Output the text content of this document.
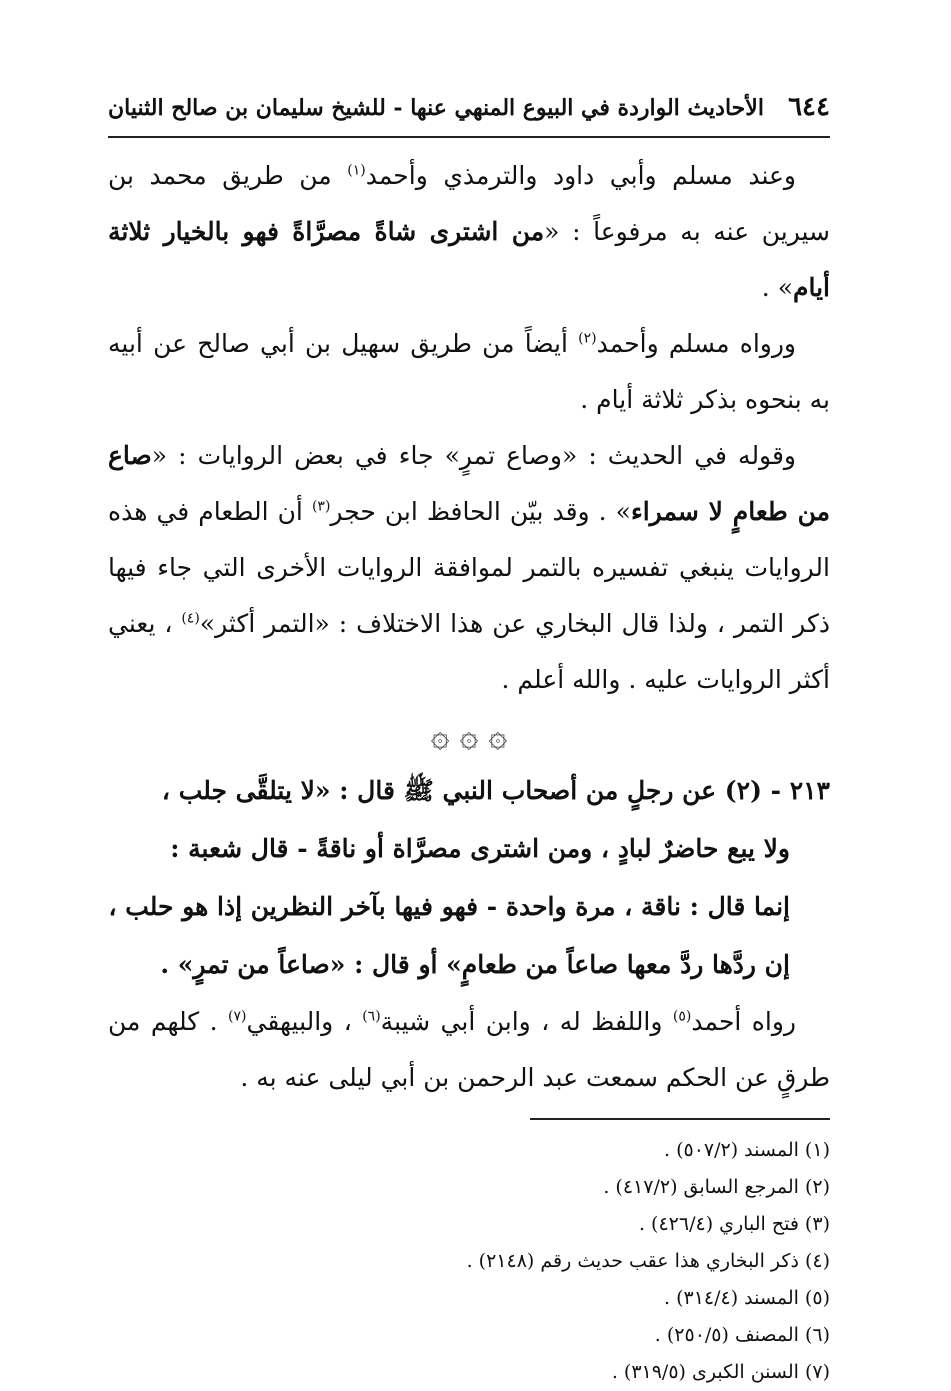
٦٤٤
الأحاديث الواردة في البيوع المنهي عنها - للشيخ سليمان بن صالح الثنيان

وعند مسلم وأبي داود والترمذي وأحمد$^{(١)}$ من طريق محمد بن سيرين عنه به مرفوعاً : «من اشترى شاةً مصرَّاةً فهو بالخيار ثلاثة أيام» .

ورواه مسلم وأحمد$^{(٢)}$ أيضاً من طريق سهيل بن أبي صالح عن أبيه به بنحوه بذكر ثلاثة أيام .

وقوله في الحديث : «وصاع تمرٍ» جاء في بعض الروايات : «صاع من طعامٍ لا سمراء» . وقد بيّن الحافظ ابن حجر$^{(٣)}$ أن الطعام في هذه الروايات ينبغي تفسيره بالتمر لموافقة الروايات الأخرى التي جاء فيها ذكر التمر ، ولذا قال البخاري عن هذا الاختلاف : «التمر أكثر»$^{(٤)}$ ، يعني أكثر الروايات عليه . والله أعلم .

۞ ۞ ۞

٢١٣ - (٢) عن رجلٍ من أصحاب النبي ﷺ قال : «لا يتلقَّى جلب ،
ولا يبع حاضرٌ لبادٍ ، ومن اشترى مصرَّاة أو ناقةً - قال شعبة :
إنما قال : ناقة ، مرة واحدة - فهو فيها بآخر النظرين إذا هو حلب ،
إن ردَّها ردَّ معها صاعاً من طعامٍ» أو قال : «صاعاً من تمرٍ» .

رواه أحمد$^{(٥)}$ واللفظ له ، وابن أبي شيبة$^{(٦)}$ ، والبيهقي$^{(٧)}$ . كلهم من طرقٍ عن الحكم سمعت عبد الرحمن بن أبي ليلى عنه به .

(١) المسند (٥٠٧/٢) .
(٢) المرجع السابق (٤١٧/٢) .
(٣) فتح الباري (٤٢٦/٤) .
(٤) ذكر البخاري هذا عقب حديث رقم (٢١٤٨) .
(٥) المسند (٣١٤/٤) .
(٦) المصنف (٢٥٠/٥) .
(٧) السنن الكبرى (٣١٩/٥) .
